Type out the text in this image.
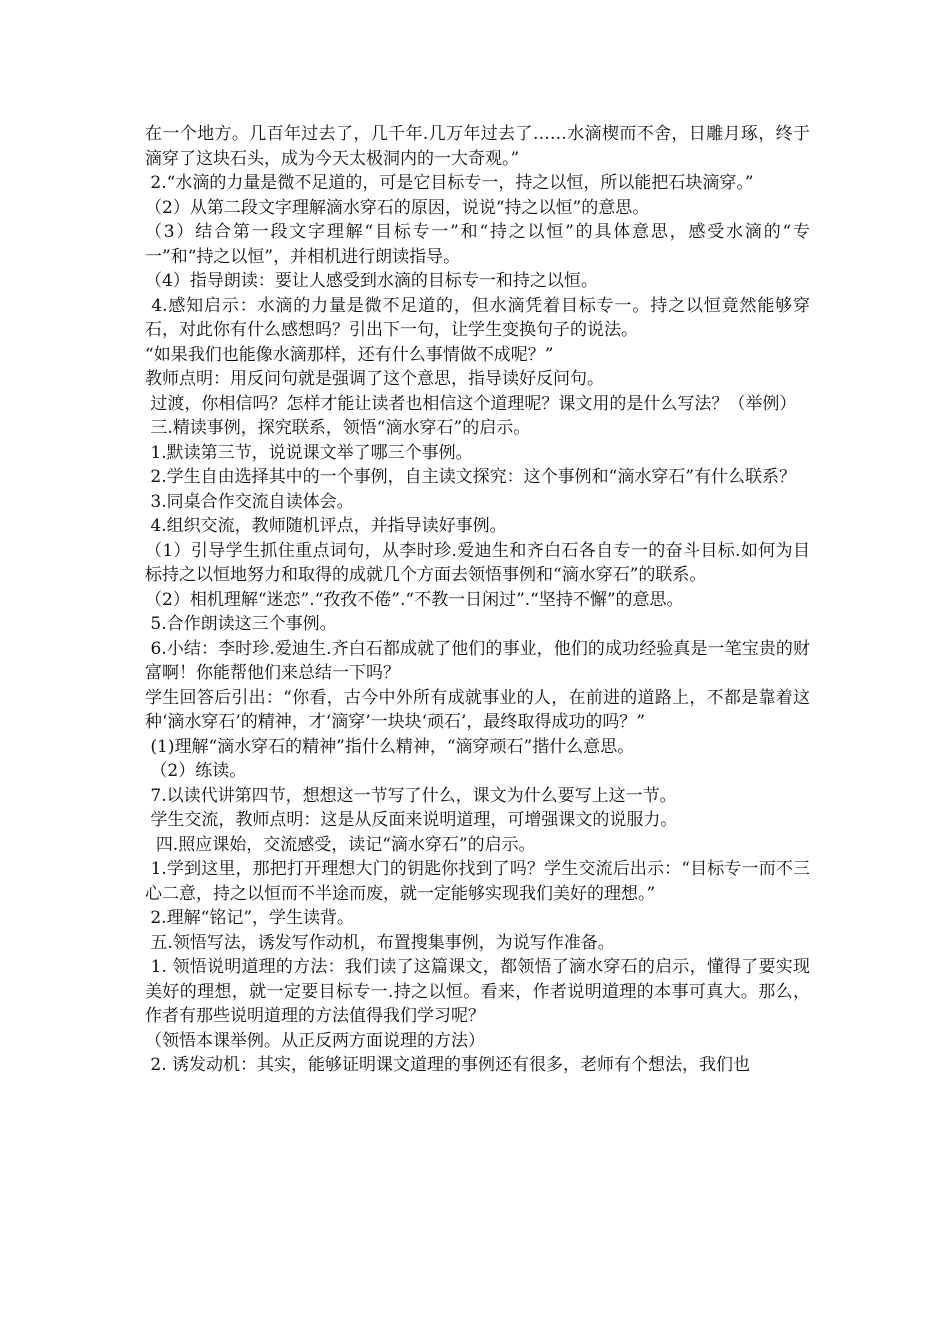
在一个地方。几百年过去了，几千年.几万年过去了……水滴楔而不舍，日雕月琢，终于滴穿了这块石头，成为今天太极洞内的一大奇观。”

2.“水滴的力量是微不足道的，可是它目标专一，持之以恒，所以能把石块滴穿。”

（2）从第二段文字理解滴水穿石的原因，说说“持之以恒”的意思。

（3）结合第一段文字理解“目标专一”和“持之以恒”的具体意思，感受水滴的“专一”和“持之以恒”，并相机进行朗读指导。

（4）指导朗读：要让人感受到水滴的目标专一和持之以恒。

4.感知启示：水滴的力量是微不足道的，但水滴凭着目标专一。持之以恒竟然能够穿石，对此你有什么感想吗？引出下一句，让学生变换句子的说法。

“如果我们也能像水滴那样，还有什么事情做不成呢？”

教师点明：用反问句就是强调了这个意思，指导读好反问句。

过渡，你相信吗？怎样才能让读者也相信这个道理呢？课文用的是什么写法？（举例）

三.精读事例，探究联系，领悟“滴水穿石”的启示。

1.默读第三节，说说课文举了哪三个事例。

2.学生自由选择其中的一个事例，自主读文探究：这个事例和“滴水穿石”有什么联系？

3.同桌合作交流自读体会。

4.组织交流，教师随机评点，并指导读好事例。

（1）引导学生抓住重点词句，从李时珍.爱迪生和齐白石各自专一的奋斗目标.如何为目标持之以恒地努力和取得的成就几个方面去领悟事例和“滴水穿石”的联系。

（2）相机理解“迷恋”.“孜孜不倦”.“不教一日闲过”.“坚持不懈”的意思。

5.合作朗读这三个事例。

6.小结：李时珍.爱迪生.齐白石都成就了他们的事业，他们的成功经验真是一笔宝贵的财富啊！你能帮他们来总结一下吗？

学生回答后引出：“你看，古今中外所有成就事业的人，在前进的道路上，不都是靠着这种‘滴水穿石’的精神，才‘滴穿’一块块‘顽石’，最终取得成功的吗？”

(1)理解“滴水穿石的精神”指什么精神，“滴穿顽石”揩什么意思。

（2）练读。

7.以读代讲第四节，想想这一节写了什么，课文为什么要写上这一节。

学生交流，教师点明：这是从反面来说明道理，可增强课文的说服力。

四.照应课始，交流感受，读记“滴水穿石”的启示。

1.学到这里，那把打开理想大门的钥匙你找到了吗？学生交流后出示：“目标专一而不三心二意，持之以恒而不半途而废，就一定能够实现我们美好的理想。”

2.理解“铭记”，学生读背。

五.领悟写法，诱发写作动机，布置搜集事例，为说写作准备。

1. 领悟说明道理的方法：我们读了这篇课文，都领悟了滴水穿石的启示，懂得了要实现美好的理想，就一定要目标专一.持之以恒。看来，作者说明道理的本事可真大。那么，作者有那些说明道理的方法值得我们学习呢？

（领悟本课举例。从正反两方面说理的方法）

2. 诱发动机：其实，能够证明课文道理的事例还有很多，老师有个想法，我们也
